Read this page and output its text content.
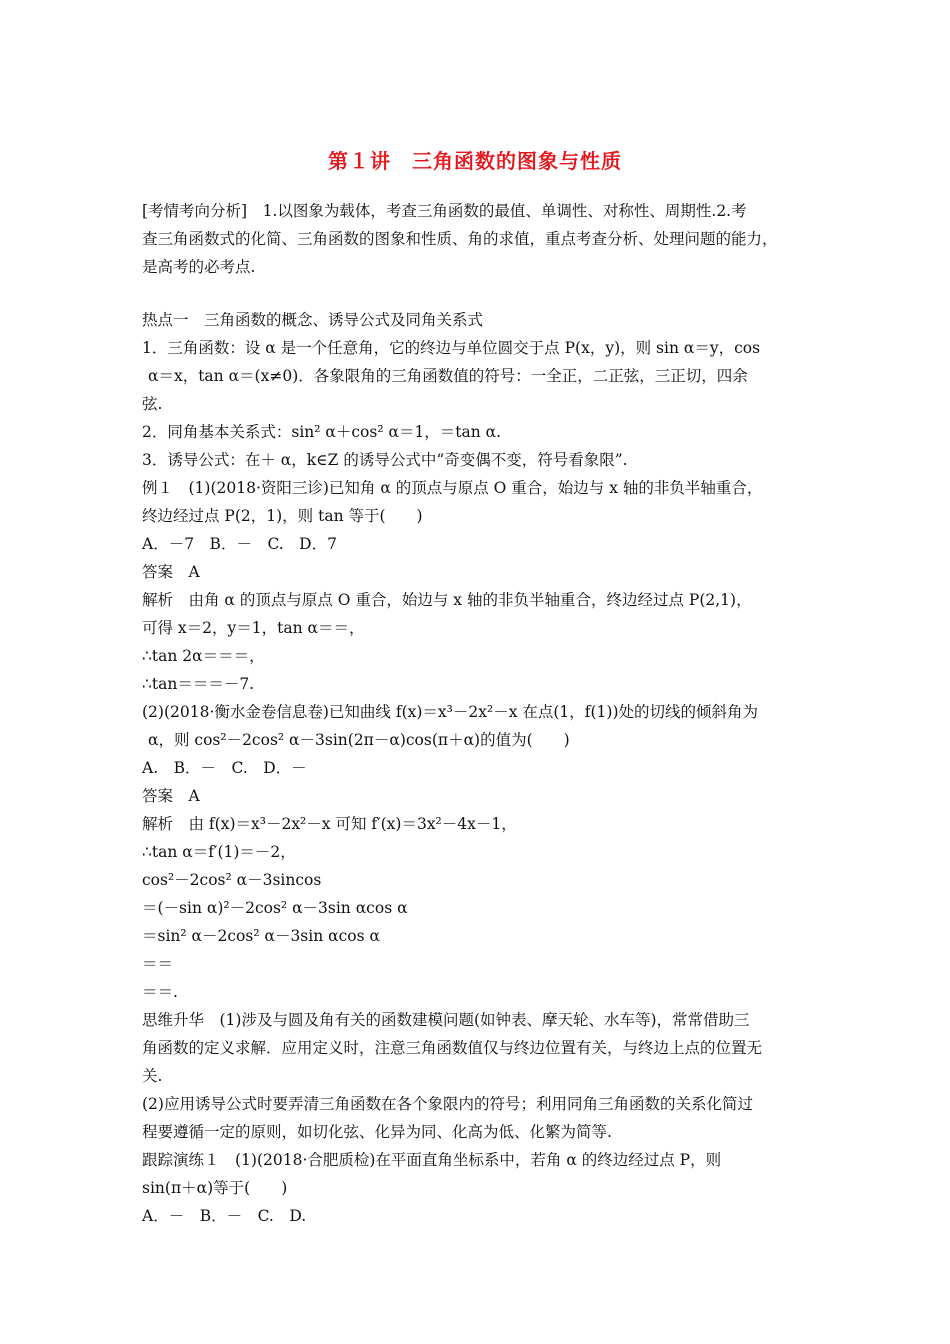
第１讲　三角函数的图象与性质
[考情考向分析]　1.以图象为载体，考查三角函数的最值、单调性、对称性、周期性.2.考
查三角函数式的化简、三角函数的图象和性质、角的求值，重点考查分析、处理问题的能力，
是高考的必考点.
热点一　三角函数的概念、诱导公式及同角关系式
1．三角函数：设 α 是一个任意角，它的终边与单位圆交于点 P(x，y)，则 sin α＝y，cos
α＝x，tan α＝(x≠0)．各象限角的三角函数值的符号：一全正，二正弦，三正切，四余
弦.
2．同角基本关系式：sin² α＋cos² α＝1，＝tan α.
3．诱导公式：在＋ α，k∈Z 的诱导公式中“奇变偶不变，符号看象限”.
例１　(1)(2018·资阳三诊)已知角 α 的顶点与原点 O 重合，始边与 x 轴的非负半轴重合，
终边经过点 P(2，1)，则 tan 等于(　　)
A．－7　B．－　C.　D．7
答案　A
解析　由角 α 的顶点与原点 O 重合，始边与 x 轴的非负半轴重合，终边经过点 P(2,1)，
可得 x＝2，y＝1，tan α＝＝，
∴tan 2α＝＝＝，
∴tan＝＝＝－7.
(2)(2018·衡水金卷信息卷)已知曲线 f(x)＝x³－2x²－x 在点(1，f(1))处的切线的倾斜角为
α，则 cos²－2cos² α－3sin(2π－α)cos(π＋α)的值为(　　)
A.　B．－　C.　D．－
答案　A
解析　由 f(x)＝x³－2x²－x 可知 f′(x)＝3x²－4x－1，
∴tan α＝f′(1)＝－2，
cos²－2cos² α－3sincos
＝(－sin α)²－2cos² α－3sin αcos α
＝sin² α－2cos² α－3sin αcos α
＝＝
＝＝.
思维升华　(1)涉及与圆及角有关的函数建模问题(如钟表、摩天轮、水车等)，常常借助三
角函数的定义求解．应用定义时，注意三角函数值仅与终边位置有关，与终边上点的位置无
关.
(2)应用诱导公式时要弄清三角函数在各个象限内的符号；利用同角三角函数的关系化简过
程要遵循一定的原则，如切化弦、化异为同、化高为低、化繁为简等.
跟踪演练１　(1)(2018·合肥质检)在平面直角坐标系中，若角 α 的终边经过点 P，则
sin(π＋α)等于(　　)
A．－　B．－　C.　D.
